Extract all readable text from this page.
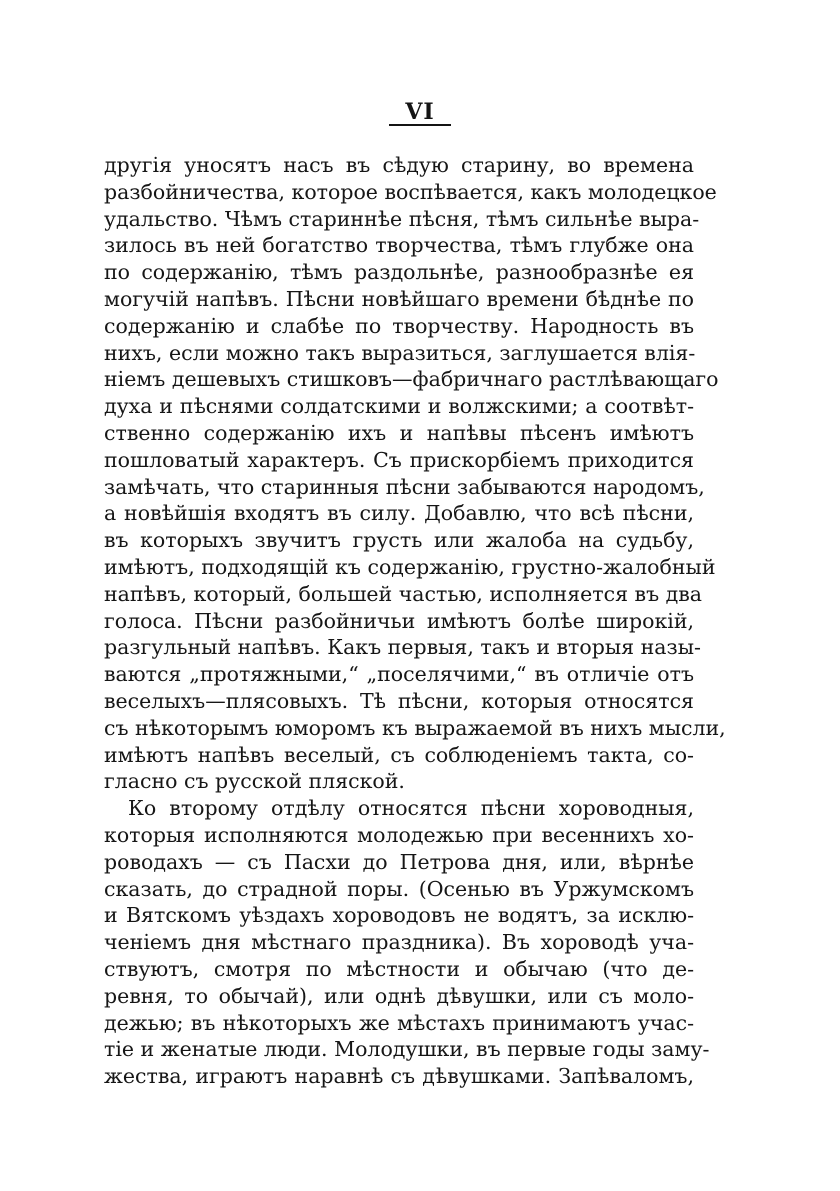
VI
другія уносятъ насъ въ сѣдую старину, во времена
разбойничества, которое воспѣвается, какъ молодецкое
удальство. Чѣмъ стариннѣе пѣсня, тѣмъ сильнѣе выра-
зилось въ ней богатство творчества, тѣмъ глубже она
по содержанію, тѣмъ раздольнѣе, разнообразнѣе ея
могучій напѣвъ. Пѣсни новѣйшаго времени бѣднѣе по
содержанію и слабѣе по творчеству. Народность въ
нихъ, если можно такъ выразиться, заглушается влія-
ніемъ дешевыхъ стишковъ—фабричнаго растлѣвающаго
духа и пѣснями солдатскими и волжскими; а соотвѣт-
ственно содержанію ихъ и напѣвы пѣсенъ имѣютъ
пошловатый характеръ. Съ прискорбіемъ приходится
замѣчать, что старинныя пѣсни забываются народомъ,
а новѣйшія входятъ въ силу. Добавлю, что всѣ пѣсни,
въ которыхъ звучитъ грусть или жалоба на судьбу,
имѣютъ, подходящій къ содержанію, грустно-жалобный
напѣвъ, который, большей частью, исполняется въ два
голоса. Пѣсни разбойничьи имѣютъ болѣе широкій,
разгульный напѣвъ. Какъ первыя, такъ и вторыя назы-
ваются „протяжными,“ „поселячими,“ въ отличіе отъ
веселыхъ—плясовыхъ. Тѣ пѣсни, которыя относятся
съ нѣкоторымъ юморомъ къ выражаемой въ нихъ мысли,
имѣютъ напѣвъ веселый, съ соблюденіемъ такта, со-
гласно съ русской пляской.
Ко второму отдѣлу относятся пѣсни хороводныя,
которыя исполняются молодежью при весеннихъ хо-
роводахъ — съ Пасхи до Петрова дня, или, вѣрнѣе
сказать, до страдной поры. (Осенью въ Уржумскомъ
и Вятскомъ уѣздахъ хороводовъ не водятъ, за исклю-
ченіемъ дня мѣстнаго праздника). Въ хороводѣ уча-
ствуютъ, смотря по мѣстности и обычаю (что де-
ревня, то обычай), или однѣ дѣвушки, или съ моло-
дежью; въ нѣкоторыхъ же мѣстахъ принимаютъ учас-
тіе и женатые люди. Молодушки, въ первые годы заму-
жества, играютъ наравнѣ съ дѣвушками. Запѣваломъ,
